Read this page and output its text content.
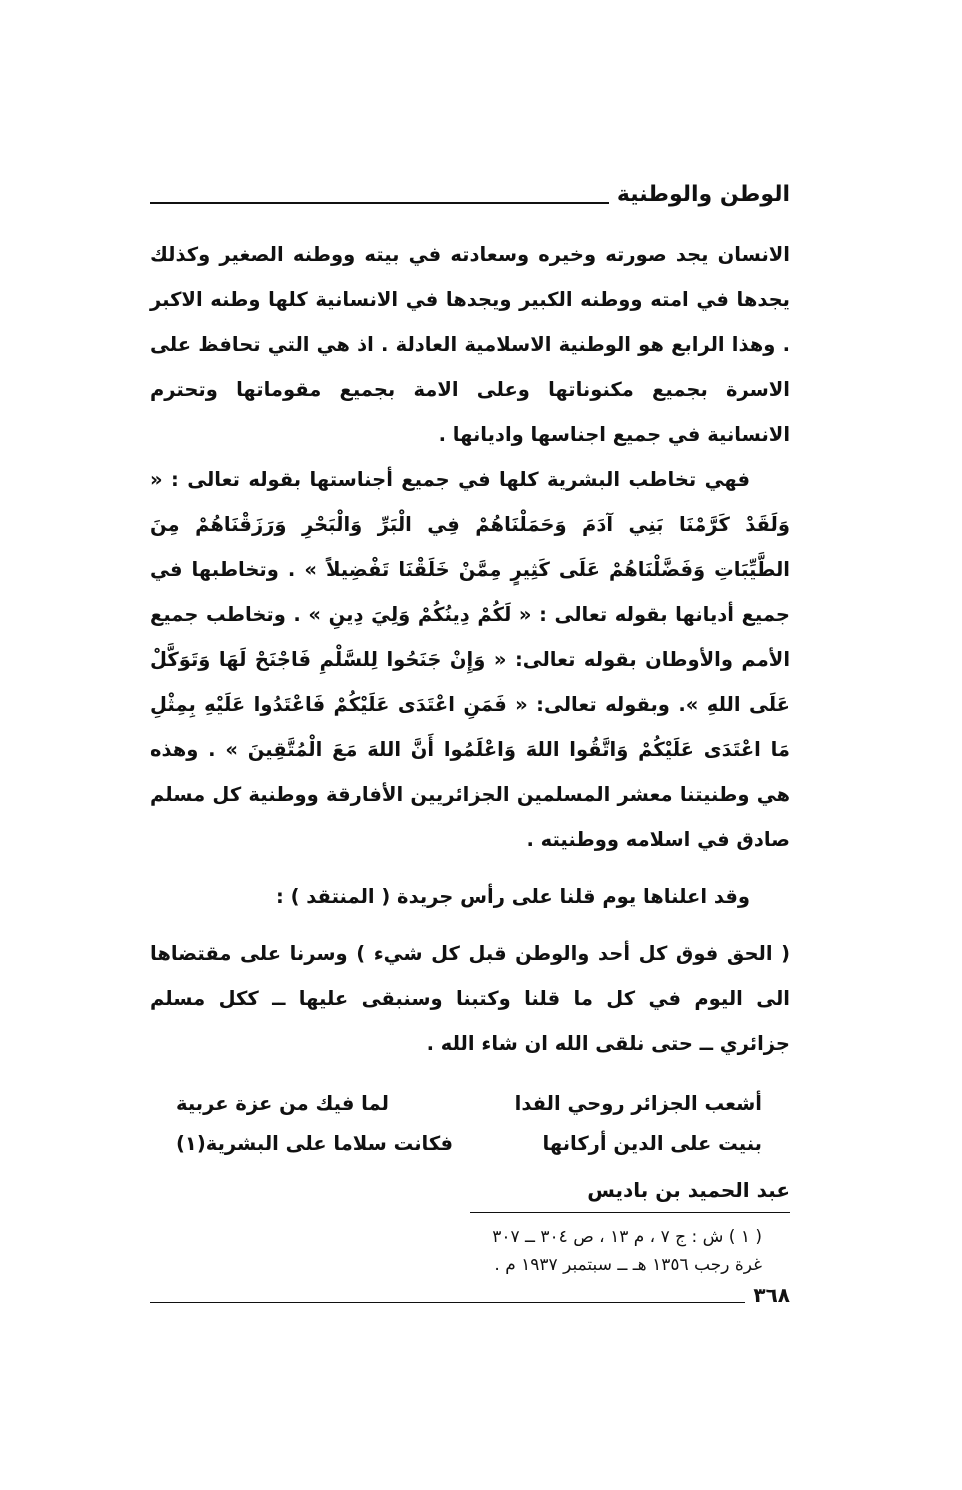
الوطن والوطنية

الانسان يجد صورته وخيره وسعادته في بيته ووطنه الصغير وكذلك يجدها في امته ووطنه الكبير ويجدها في الانسانية كلها وطنه الاكبر . وهذا الرابع هو الوطنية الاسلامية العادلة . اذ هي التي تحافظ على الاسرة بجميع مكنوناتها وعلى الامة بجميع مقوماتها وتحترم الانسانية في جميع اجناسها واديانها .

فهي تخاطب البشرية كلها في جميع أجناستها بقوله تعالى : « وَلَقَدْ كَرَّمْنَا بَنِي آدَمَ وَحَمَلْنَاهُمْ فِي الْبَرِّ وَالْبَحْرِ وَرَزَقْنَاهُمْ مِنَ الطَّيِّبَاتِ وَفَضَّلْنَاهُمْ عَلَى كَثِيرٍ مِمَّنْ خَلَقْنَا تَفْضِيلاً » . وتخاطبها في جميع أديانها بقوله تعالى : « لَكُمْ دِينُكُمْ وَلِيَ دِينِ » . وتخاطب جميع الأمم والأوطان بقوله تعالى: « وَإِنْ جَنَحُوا لِلسَّلْمِ فَاجْنَحْ لَهَا وَتَوَكَّلْ عَلَى اللهِ ». وبقوله تعالى: « فَمَنِ اعْتَدَى عَلَيْكُمْ فَاعْتَدُوا عَلَيْهِ بِمِثْلِ مَا اعْتَدَى عَلَيْكُمْ وَاتَّقُوا اللهَ وَاعْلَمُوا أَنَّ اللهَ مَعَ الْمُتَّقِينَ » . وهذه هي وطنيتنا معشر المسلمين الجزائريين الأفارقة ووطنية كل مسلم صادق في اسلامه ووطنيته .

وقد اعلناها يوم قلنا على رأس جريدة ( المنتقد ) :

( الحق فوق كل أحد والوطن قبل كل شيء ) وسرنا على مقتضاها الى اليوم في كل ما قلنا وكتبنا وسنبقى عليها ــ ككل مسلم جزائري ــ حتى نلقى الله ان شاء الله .

أشعب الجزائر روحي الفدا
لما فيك من عزة عربية
بنيت على الدين أركانها
فكانت سلاما على البشرية(١)
عبد الحميد بن باديس

( ١ ) ش : ج ٧ ، م ١٣ ، ص ٣٠٤ ــ ٣٠٧

غرة رجب ١٣٥٦ هـ ــ سبتمبر ١٩٣٧ م .

٣٦٨
